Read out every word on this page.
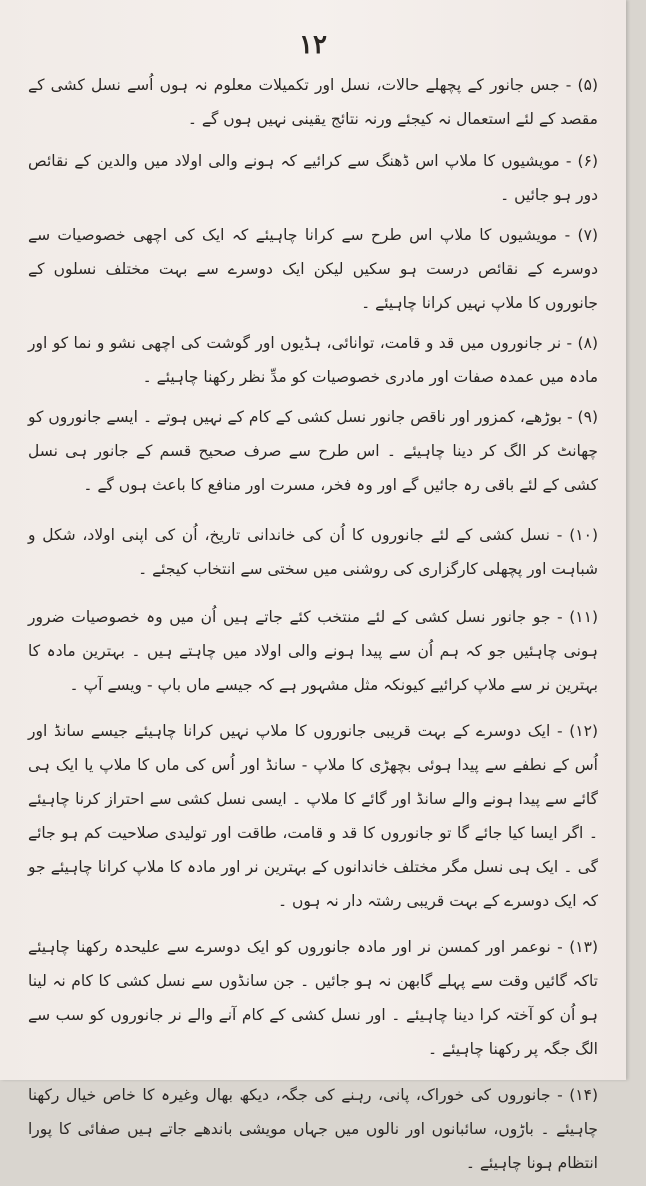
۱۲

(۵) - جس جانور کے پچھلے حالات، نسل اور تکمیلات معلوم نہ ہوں اُسے نسل کشی کے مقصد کے لئے استعمال نہ کیجئے ورنہ نتائج یقینی نہیں ہوں گے ۔

(۶) - مویشیوں کا ملاپ اس ڈھنگ سے کرائیے کہ ہونے والی اولاد میں والدین کے نقائص دور ہو جائیں ۔

(۷) - مویشیوں کا ملاپ اس طرح سے کرانا چاہیئے کہ ایک کی اچھی خصوصیات سے دوسرے کے نقائص درست ہو سکیں لیکن ایک دوسرے سے بہت مختلف نسلوں کے جانوروں کا ملاپ نہیں کرانا چاہیئے ۔

(۸) - نر جانوروں میں قد و قامت، توانائی، ہڈیوں اور گوشت کی اچھی نشو و نما کو اور مادہ میں عمدہ صفات اور مادری خصوصیات کو مدِّ نظر رکھنا چاہیئے ۔

(۹) - بوڑھے، کمزور اور ناقص جانور نسل کشی کے کام کے نہیں ہوتے ۔ ایسے جانوروں کو چھانٹ کر الگ کر دینا چاہیئے ۔ اس طرح سے صرف صحیح قسم کے جانور ہی نسل کشی کے لئے باقی رہ جائیں گے اور وہ فخر، مسرت اور منافع کا باعث ہوں گے ۔

(۱۰) - نسل کشی کے لئے جانوروں کا اُن کی خاندانی تاریخ، اُن کی اپنی اولاد، شکل و شباہت اور پچھلی کارگزاری کی روشنی میں سختی سے انتخاب کیجئے ۔

(۱۱) - جو جانور نسل کشی کے لئے منتخب کئے جاتے ہیں اُن میں وہ خصوصیات ضرور ہونی چاہئیں جو کہ ہم اُن سے پیدا ہونے والی اولاد میں چاہتے ہیں ۔ بہترین مادہ کا بہترین نر سے ملاپ کرائیے کیونکہ مثل مشہور ہے کہ جیسے ماں باپ - ویسے آپ ۔

(۱۲) - ایک دوسرے کے بہت قریبی جانوروں کا ملاپ نہیں کرانا چاہیئے جیسے سانڈ اور اُس کے نطفے سے پیدا ہوئی بچھڑی کا ملاپ - سانڈ اور اُس کی ماں کا ملاپ یا ایک ہی گائے سے پیدا ہونے والے سانڈ اور گائے کا ملاپ ۔ ایسی نسل کشی سے احتراز کرنا چاہیئے ۔ اگر ایسا کیا جائے گا تو جانوروں کا قد و قامت، طاقت اور تولیدی صلاحیت کم ہو جائے گی ۔ ایک ہی نسل مگر مختلف خاندانوں کے بہترین نر اور مادہ کا ملاپ کرانا چاہیئے جو کہ ایک دوسرے کے بہت قریبی رشتہ دار نہ ہوں ۔

(۱۳) - نوعمر اور کمسن نر اور مادہ جانوروں کو ایک دوسرے سے علیحدہ رکھنا چاہیئے تاکہ گائیں وقت سے پہلے گابھن نہ ہو جائیں ۔ جن سانڈوں سے نسل کشی کا کام نہ لینا ہو اُن کو آختہ کرا دینا چاہیئے ۔ اور نسل کشی کے کام آنے والے نر جانوروں کو سب سے الگ جگہ پر رکھنا چاہیئے ۔

(۱۴) - جانوروں کی خوراک، پانی، رہنے کی جگہ، دیکھ بھال وغیرہ کا خاص خیال رکھنا چاہیئے ۔ باڑوں، سائبانوں اور نالوں میں جہاں مویشی باندھے جاتے ہیں صفائی کا پورا انتظام ہونا چاہیئے ۔
